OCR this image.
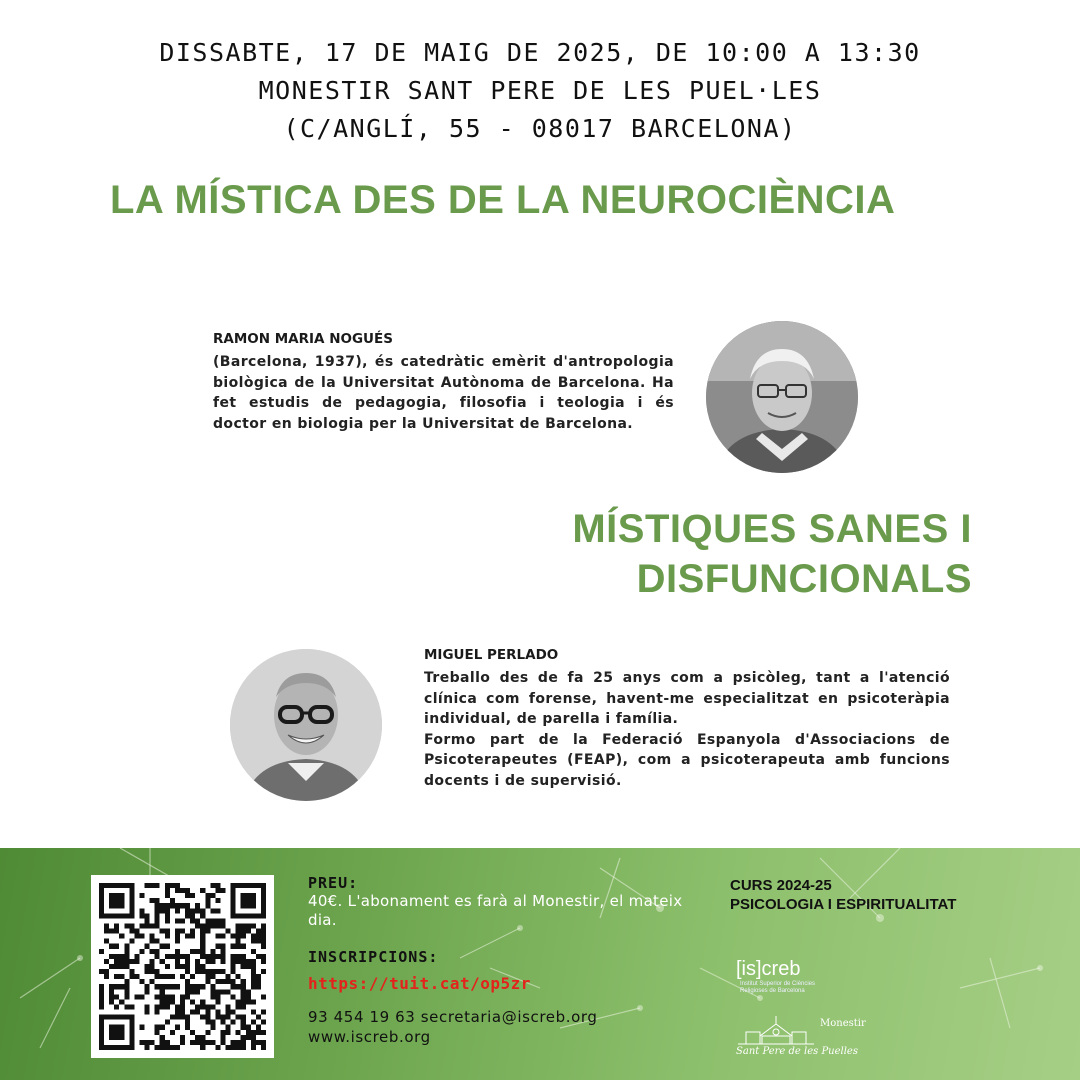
DISSABTE, 17 DE MAIG DE 2025, DE 10:00 A 13:30
MONESTIR SANT PERE DE LES PUEL·LES
(C/ANGLÍ, 55 - 08017 BARCELONA)
LA MÍSTICA DES DE LA NEUROCIÈNCIA
RAMON MARIA NOGUÉS
(Barcelona, 1937), és catedràtic emèrit d'antropologia biològica de la Universitat Autònoma de Barcelona. Ha fet estudis de pedagogia, filosofia i teologia i és doctor en biologia per la Universitat de Barcelona.
MÍSTIQUES SANES I
DISFUNCIONALS
MIGUEL PERLADO
Treballo des de fa 25 anys com a psicòleg, tant a l'atenció clínica com forense, havent-me especialitzat en psicoteràpia individual, de parella i família.
Formo part de la Federació Espanyola d'Associacions de Psicoterapeutes (FEAP), com a psicoterapeuta amb funcions docents i de supervisió.
PREU:
40€. L'abonament es farà al Monestir, el mateix dia.
INSCRIPCIONS:
https://tuit.cat/op5zr
93 454 19 63 secretaria@iscreb.org
www.iscreb.org
CURS 2024-25
PSICOLOGIA I ESPIRITUALITAT
[is]creb
Institut Superior de Ciències
Religioses de Barcelona
Monestir
Sant Pere de les Puelles
